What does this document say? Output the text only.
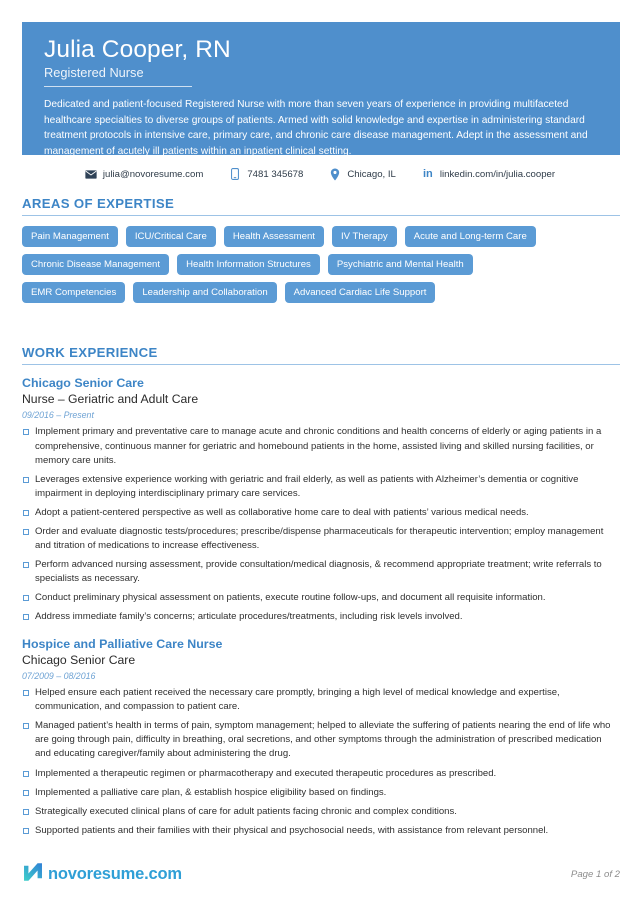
Julia Cooper, RN
Registered Nurse
Dedicated and patient-focused Registered Nurse with more than seven years of experience in providing multifaceted healthcare specialties to diverse groups of patients. Armed with solid knowledge and expertise in administering standard treatment protocols in intensive care, primary care, and chronic care disease management. Adept in the assessment and management of acutely ill patients within an inpatient clinical setting.
julia@novoresume.com	7481 345678	Chicago, IL in linkedin.com/in/julia.cooper
AREAS OF EXPERTISE
Pain Management	ICU/Critical Care	Health Assessment	IV Therapy	Acute and Long-term Care
Chronic Disease Management	Health Information Structures	Psychiatric and Mental Health
EMR Competencies	Leadership and Collaboration	Advanced Cardiac Life Support
WORK EXPERIENCE
Chicago Senior Care
Nurse – Geriatric and Adult Care
09/2016 – Present
Implement primary and preventative care to manage acute and chronic conditions and health concerns of elderly or aging patients in a comprehensive, continuous manner for geriatric and homebound patients in the home, assisted living and skilled nursing facilities, or memory care units.
Leverages extensive experience working with geriatric and frail elderly, as well as patients with Alzheimer’s dementia or cognitive impairment in deploying interdisciplinary primary care services.
Adopt a patient-centered perspective as well as collaborative home care to deal with patients’ various medical needs.
Order and evaluate diagnostic tests/procedures; prescribe/dispense pharmaceuticals for therapeutic intervention; employ management and titration of medications to increase effectiveness.
Perform advanced nursing assessment, provide consultation/medical diagnosis, & recommend appropriate treatment; write referrals to specialists as necessary.
Conduct preliminary physical assessment on patients, execute routine follow-ups, and document all requisite information.
Address immediate family’s concerns; articulate procedures/treatments, including risk levels involved.
Hospice and Palliative Care Nurse
Chicago Senior Care
07/2009 – 08/2016
Helped ensure each patient received the necessary care promptly, bringing a high level of medical knowledge and expertise, communication, and compassion to patient care.
Managed patient’s health in terms of pain, symptom management; helped to alleviate the suffering of patients nearing the end of life who are going through pain, difficulty in breathing, oral secretions, and other symptoms through the administration of prescribed medication and educating caregiver/family about administering the drug.
Implemented a therapeutic regimen or pharmacotherapy and executed therapeutic procedures as prescribed.
Implemented a palliative care plan, & establish hospice eligibility based on findings.
Strategically executed clinical plans of care for adult patients facing chronic and complex conditions.
Supported patients and their families with their physical and psychosocial needs, with assistance from relevant personnel.
novoresume.com	Page 1 of 2
